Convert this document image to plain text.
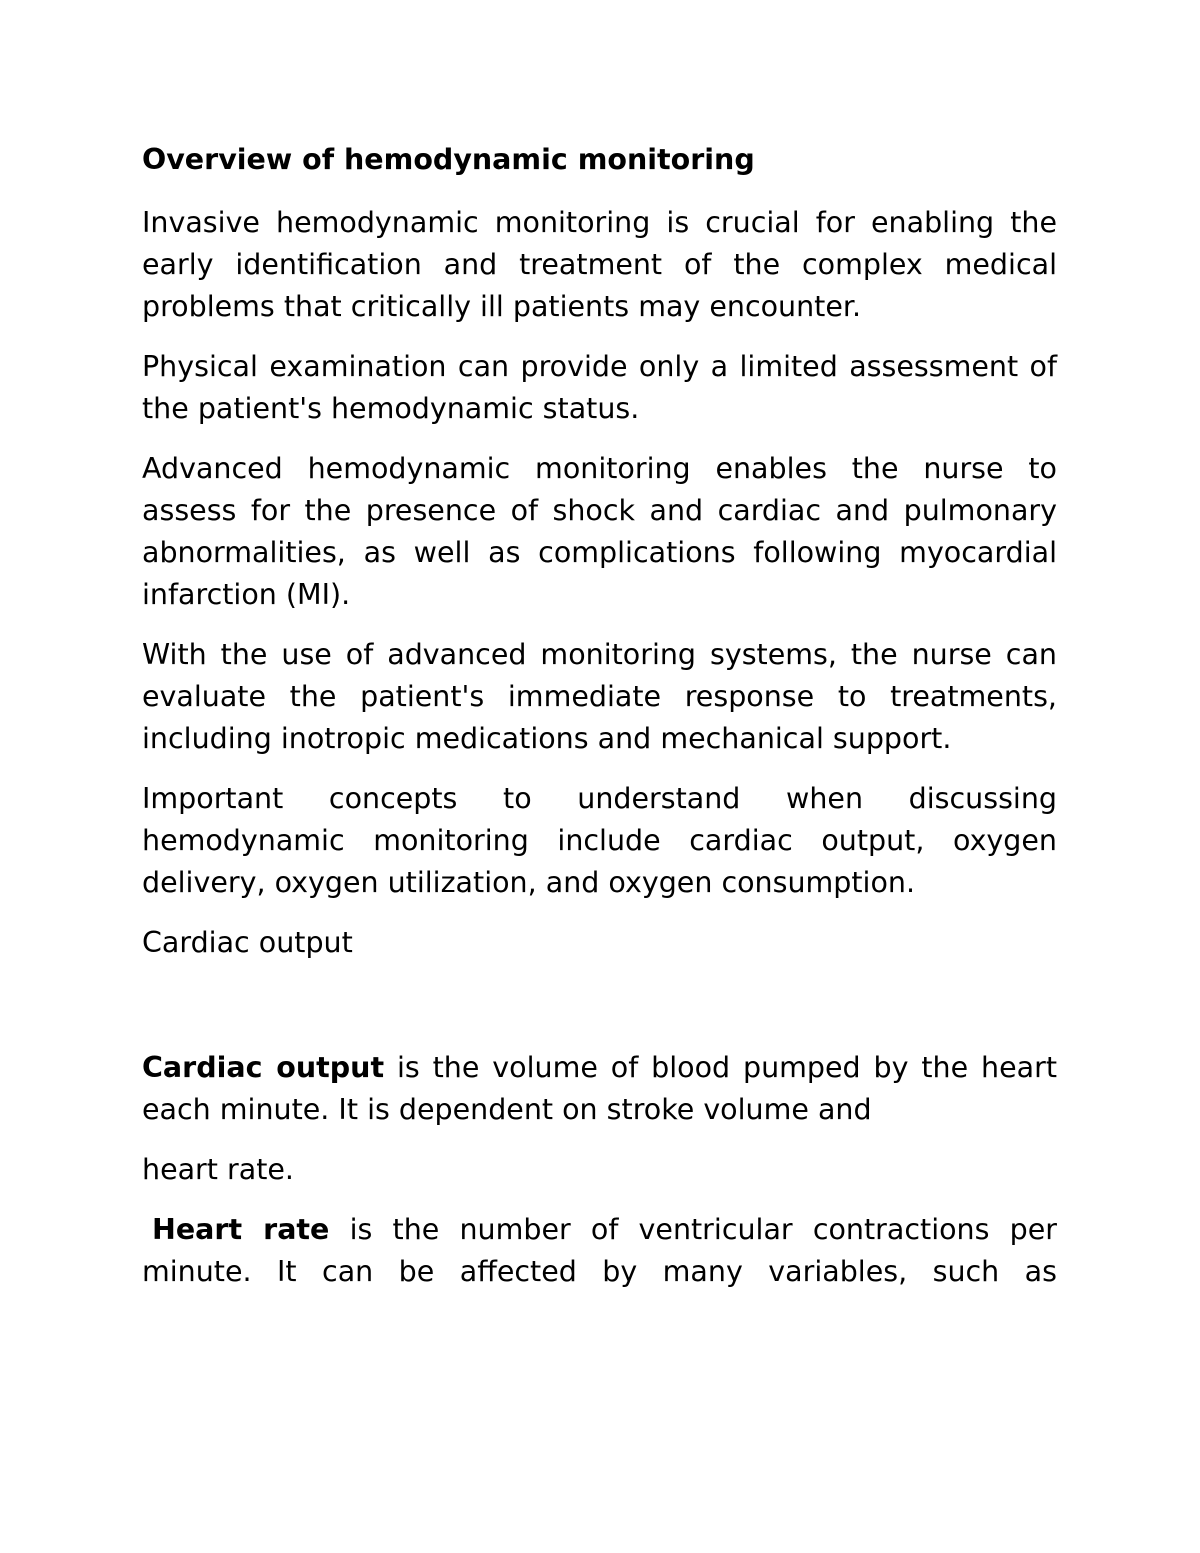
Overview of hemodynamic monitoring

Invasive hemodynamic monitoring is crucial for enabling the early identification and treatment of the complex medical problems that critically ill patients may encounter.

Physical examination can provide only a limited assessment of the patient's hemodynamic status.

Advanced hemodynamic monitoring enables the nurse to assess for the presence of shock and cardiac and pulmonary abnormalities, as well as complications following myocardial infarction (MI).

With the use of advanced monitoring systems, the nurse can evaluate the patient's immediate response to treatments, including inotropic medications and mechanical support.

Important concepts to understand when discussing hemodynamic monitoring include cardiac output, oxygen delivery, oxygen utilization, and oxygen consumption.

Cardiac output

Cardiac output is the volume of blood pumped by the heart each minute. It is dependent on stroke volume and

heart rate.

Heart rate is the number of ventricular contractions per minute. It can be affected by many variables, such as
